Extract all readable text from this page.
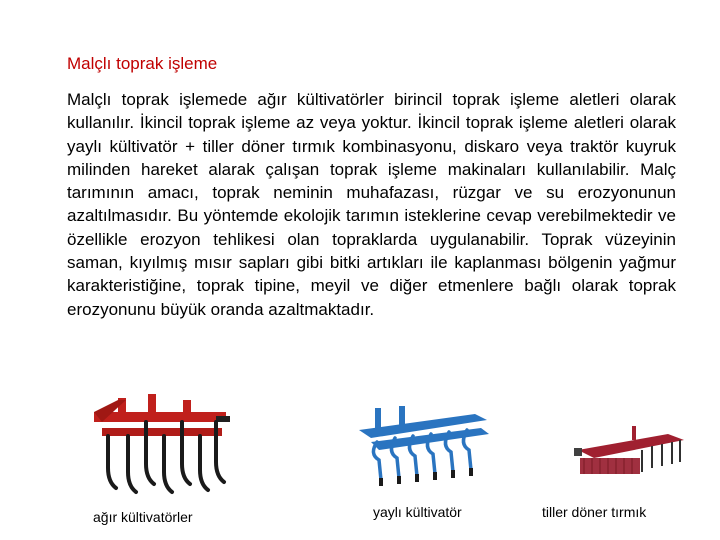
Malçlı toprak işleme

Malçlı toprak işlemede ağır kültivatörler birincil toprak işleme aletleri olarak kullanılır. İkincil toprak işleme az veya yoktur. İkincil toprak işleme aletleri olarak yaylı kültivatör + tiller döner tırmık kombinasyonu, diskaro veya traktör kuyruk milinden hareket alarak çalışan toprak işleme makinaları kullanılabilir. Malç tarımının amacı, toprak neminin muhafazası, rüzgar ve su erozyonunun azaltılmasıdır. Bu yöntemde ekolojik tarımın isteklerine cevap verebilmektedir ve özellikle erozyon tehlikesi olan topraklarda uygulanabilir. Toprak vüzeyinin saman, kıyılmış mısır sapları gibi bitki artıkları ile kaplanması bölgenin yağmur karakteristiğine, toprak tipine, meyil ve diğer etmenlere bağlı olarak toprak erozyonunu büyük oranda azaltmaktadır.

ağır kültivatörler	yaylı kültivatör	tiller döner tırmık
